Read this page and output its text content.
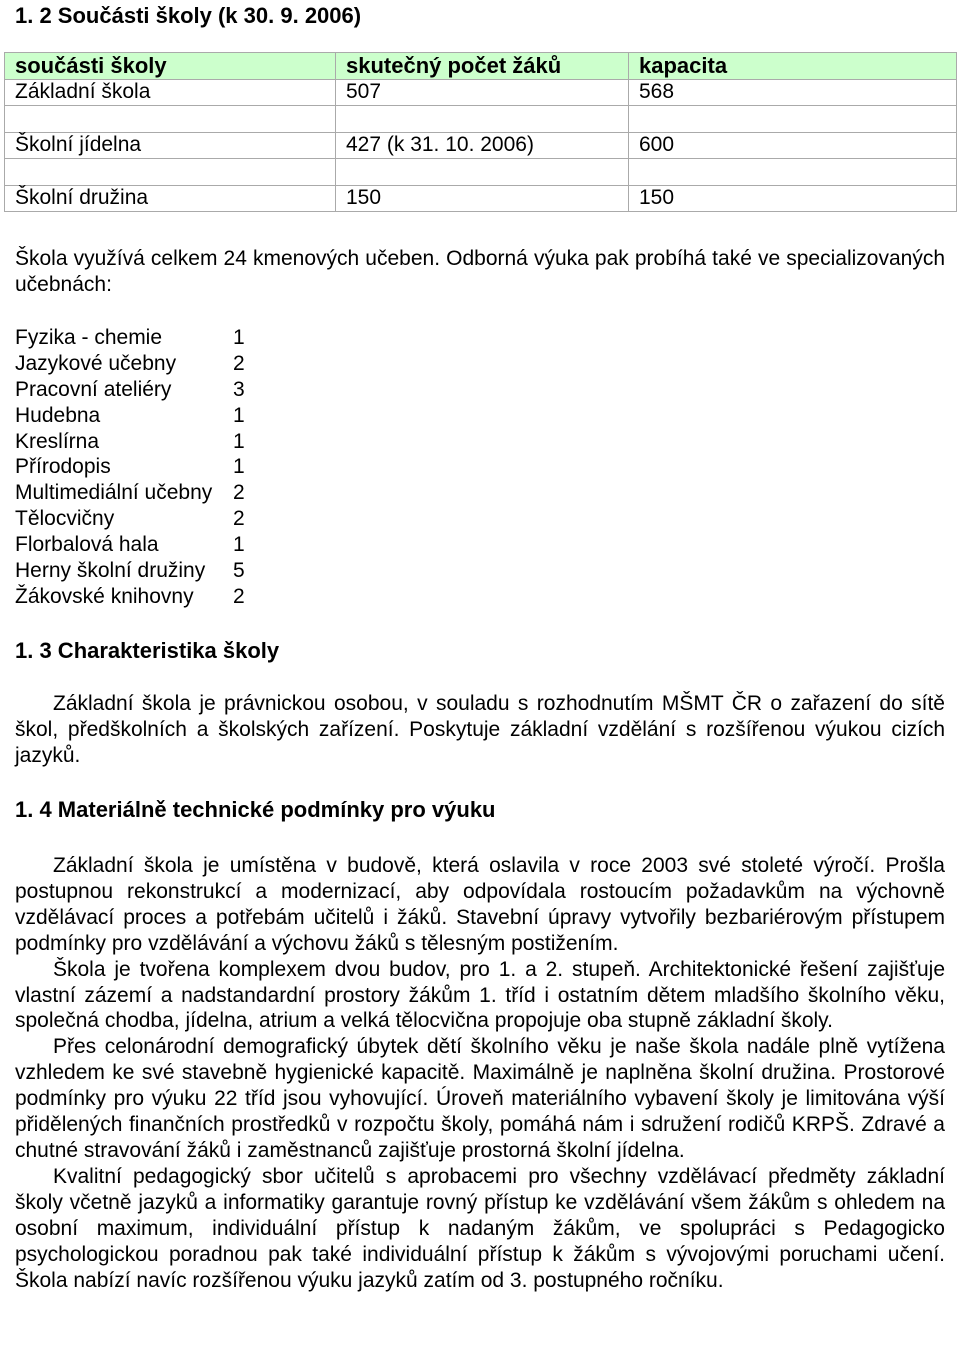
1. 2 Součásti školy (k 30. 9. 2006)
součásti školy	skutečný počet žáků	kapacita
Základní škola	507	568

Školní jídelna	427 (k 31. 10. 2006)	600

Školní družina	150	150

Škola využívá celkem 24 kmenových učeben. Odborná výuka pak probíhá také ve specializovaných učebnách:

Fyzika - chemie	1
Jazykové učebny	2
Pracovní ateliéry	3
Hudebna	1
Kreslírna	1
Přírodopis	1
Multimediální učebny 2
Tělocvičny	2
Florbalová hala	1
Herny školní družiny	5
Žákovské knihovny	2
1. 3 Charakteristika školy

Základní škola je právnickou osobou, v souladu s rozhodnutím MŠMT ČR o zařazení do sítě škol, předškolních a školských zařízení. Poskytuje základní vzdělání s rozšířenou výukou cizích jazyků.

1. 4 Materiálně technické podmínky pro výuku

Základní škola je umístěna v budově, která oslavila v roce 2003 své stoleté výročí. Prošla postupnou rekonstrukcí a modernizací, aby odpovídala rostoucím požadavkům na výchovně vzdělávací proces a potřebám učitelů i žáků. Stavební úpravy vytvořily bezbariérovým přístupem podmínky pro vzdělávání a výchovu žáků s tělesným postižením.

Škola je tvořena komplexem dvou budov, pro 1. a 2. stupeň. Architektonické řešení zajišťuje vlastní zázemí a nadstandardní prostory žákům 1. tříd i ostatním dětem mladšího školního věku, společná chodba, jídelna, atrium a velká tělocvična propojuje oba stupně základní školy.

Přes celonárodní demografický úbytek dětí školního věku je naše škola nadále plně vytížena vzhledem ke své stavebně hygienické kapacitě. Maximálně je naplněna školní družina. Prostorové podmínky pro výuku 22 tříd jsou vyhovující. Úroveň materiálního vybavení školy je limitována výší přidělených finančních prostředků v rozpočtu školy, pomáhá nám i sdružení rodičů KRPŠ. Zdravé a chutné stravování žáků i zaměstnanců zajišťuje prostorná školní jídelna.

Kvalitní pedagogický sbor učitelů s aprobacemi pro všechny vzdělávací předměty základní školy včetně jazyků a informatiky garantuje rovný přístup ke vzdělávání všem žákům s ohledem na osobní maximum, individuální přístup k nadaným žákům, ve spolupráci s Pedagogicko psychologickou poradnou pak také individuální přístup k žákům s vývojovými poruchami učení. Škola nabízí navíc rozšířenou výuku jazyků zatím od 3. postupného ročníku.
